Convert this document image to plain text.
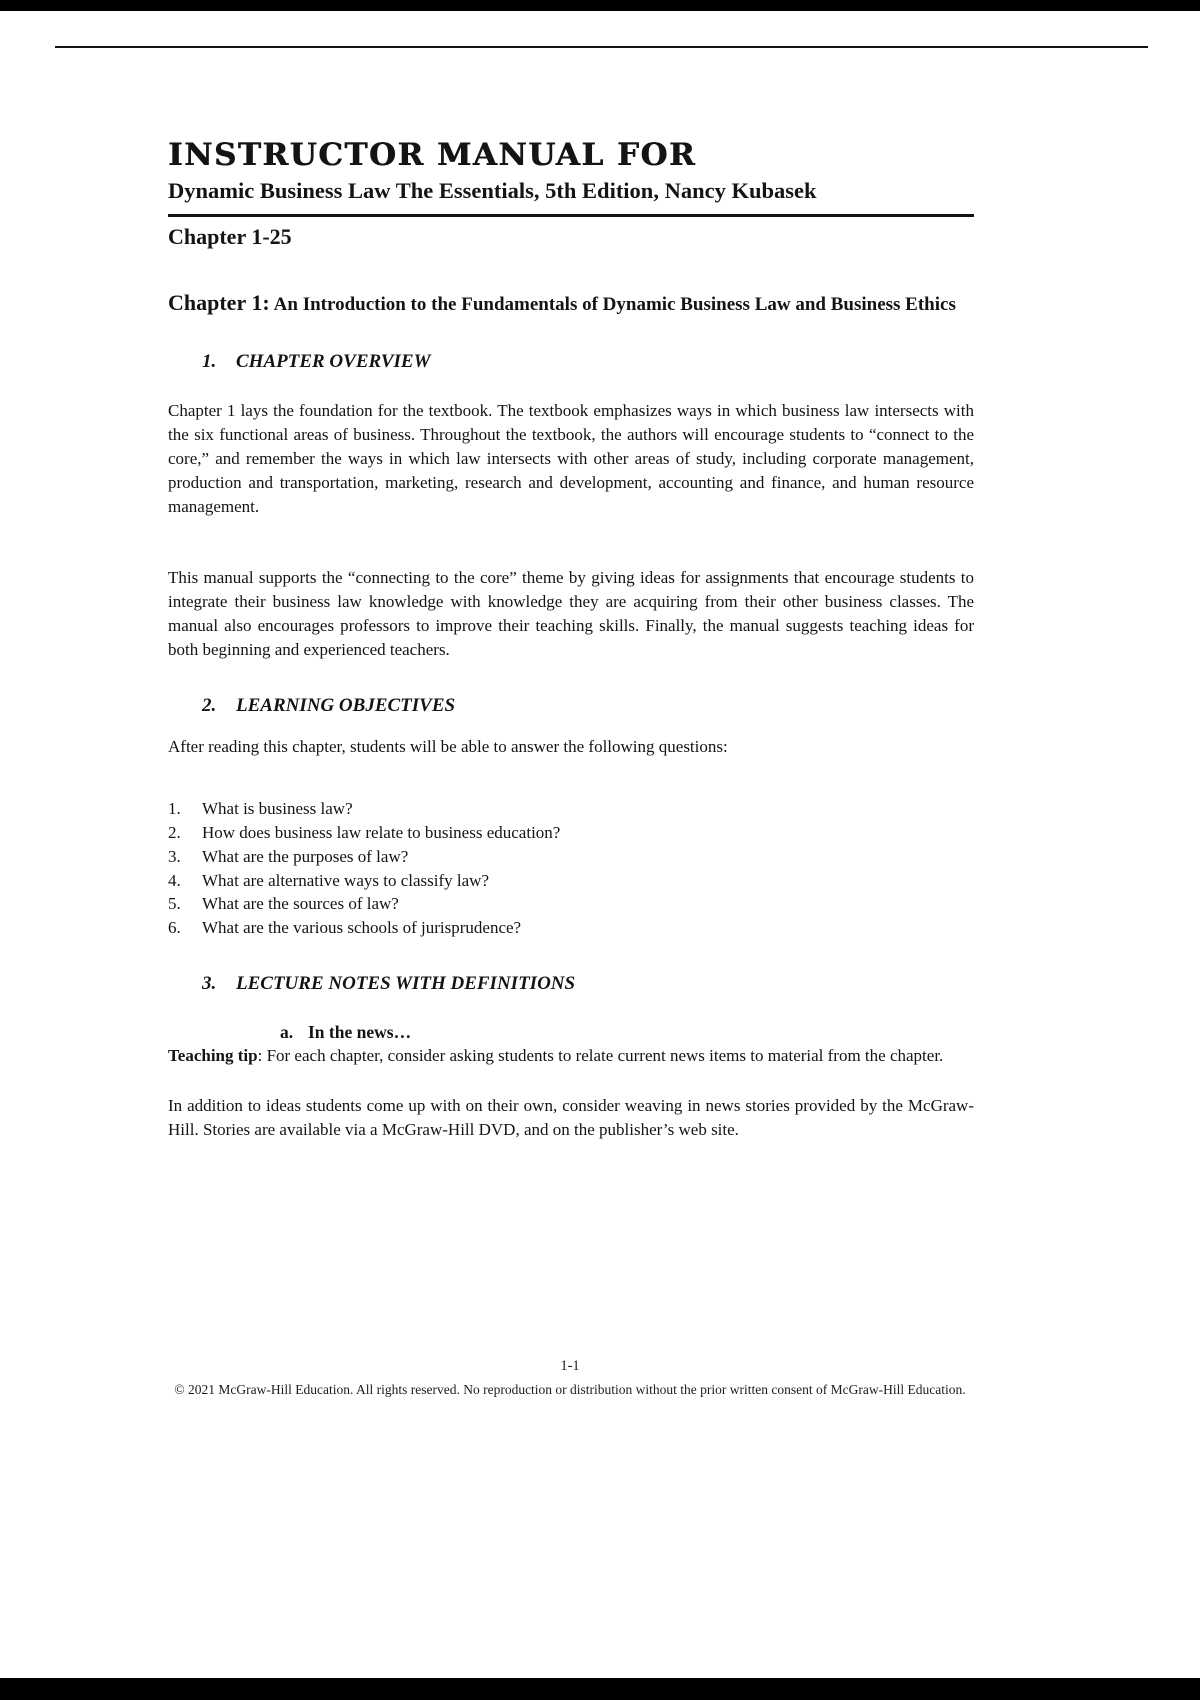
INSTRUCTOR MANUAL FOR
Dynamic Business Law The Essentials, 5th Edition, Nancy Kubasek
Chapter 1-25
Chapter 1: An Introduction to the Fundamentals of Dynamic Business Law and Business Ethics
1. CHAPTER OVERVIEW
Chapter 1 lays the foundation for the textbook. The textbook emphasizes ways in which business law intersects with the six functional areas of business. Throughout the textbook, the authors will encourage students to “connect to the core,” and remember the ways in which law intersects with other areas of study, including corporate management, production and transportation, marketing, research and development, accounting and finance, and human resource management.
This manual supports the “connecting to the core” theme by giving ideas for assignments that encourage students to integrate their business law knowledge with knowledge they are acquiring from their other business classes. The manual also encourages professors to improve their teaching skills. Finally, the manual suggests teaching ideas for both beginning and experienced teachers.
2. LEARNING OBJECTIVES
After reading this chapter, students will be able to answer the following questions:
1.	What is business law?
2.	How does business law relate to business education?
3.	What are the purposes of law?
4.	What are alternative ways to classify law?
5.	What are the sources of law?
6.	What are the various schools of jurisprudence?
3. LECTURE NOTES WITH DEFINITIONS
a. In the news…
Teaching tip: For each chapter, consider asking students to relate current news items to material from the chapter.
In addition to ideas students come up with on their own, consider weaving in news stories provided by the McGraw-Hill. Stories are available via a McGraw-Hill DVD, and on the publisher’s web site.
1-1
© 2021 McGraw-Hill Education. All rights reserved. No reproduction or distribution without the prior written consent of McGraw-Hill Education.
